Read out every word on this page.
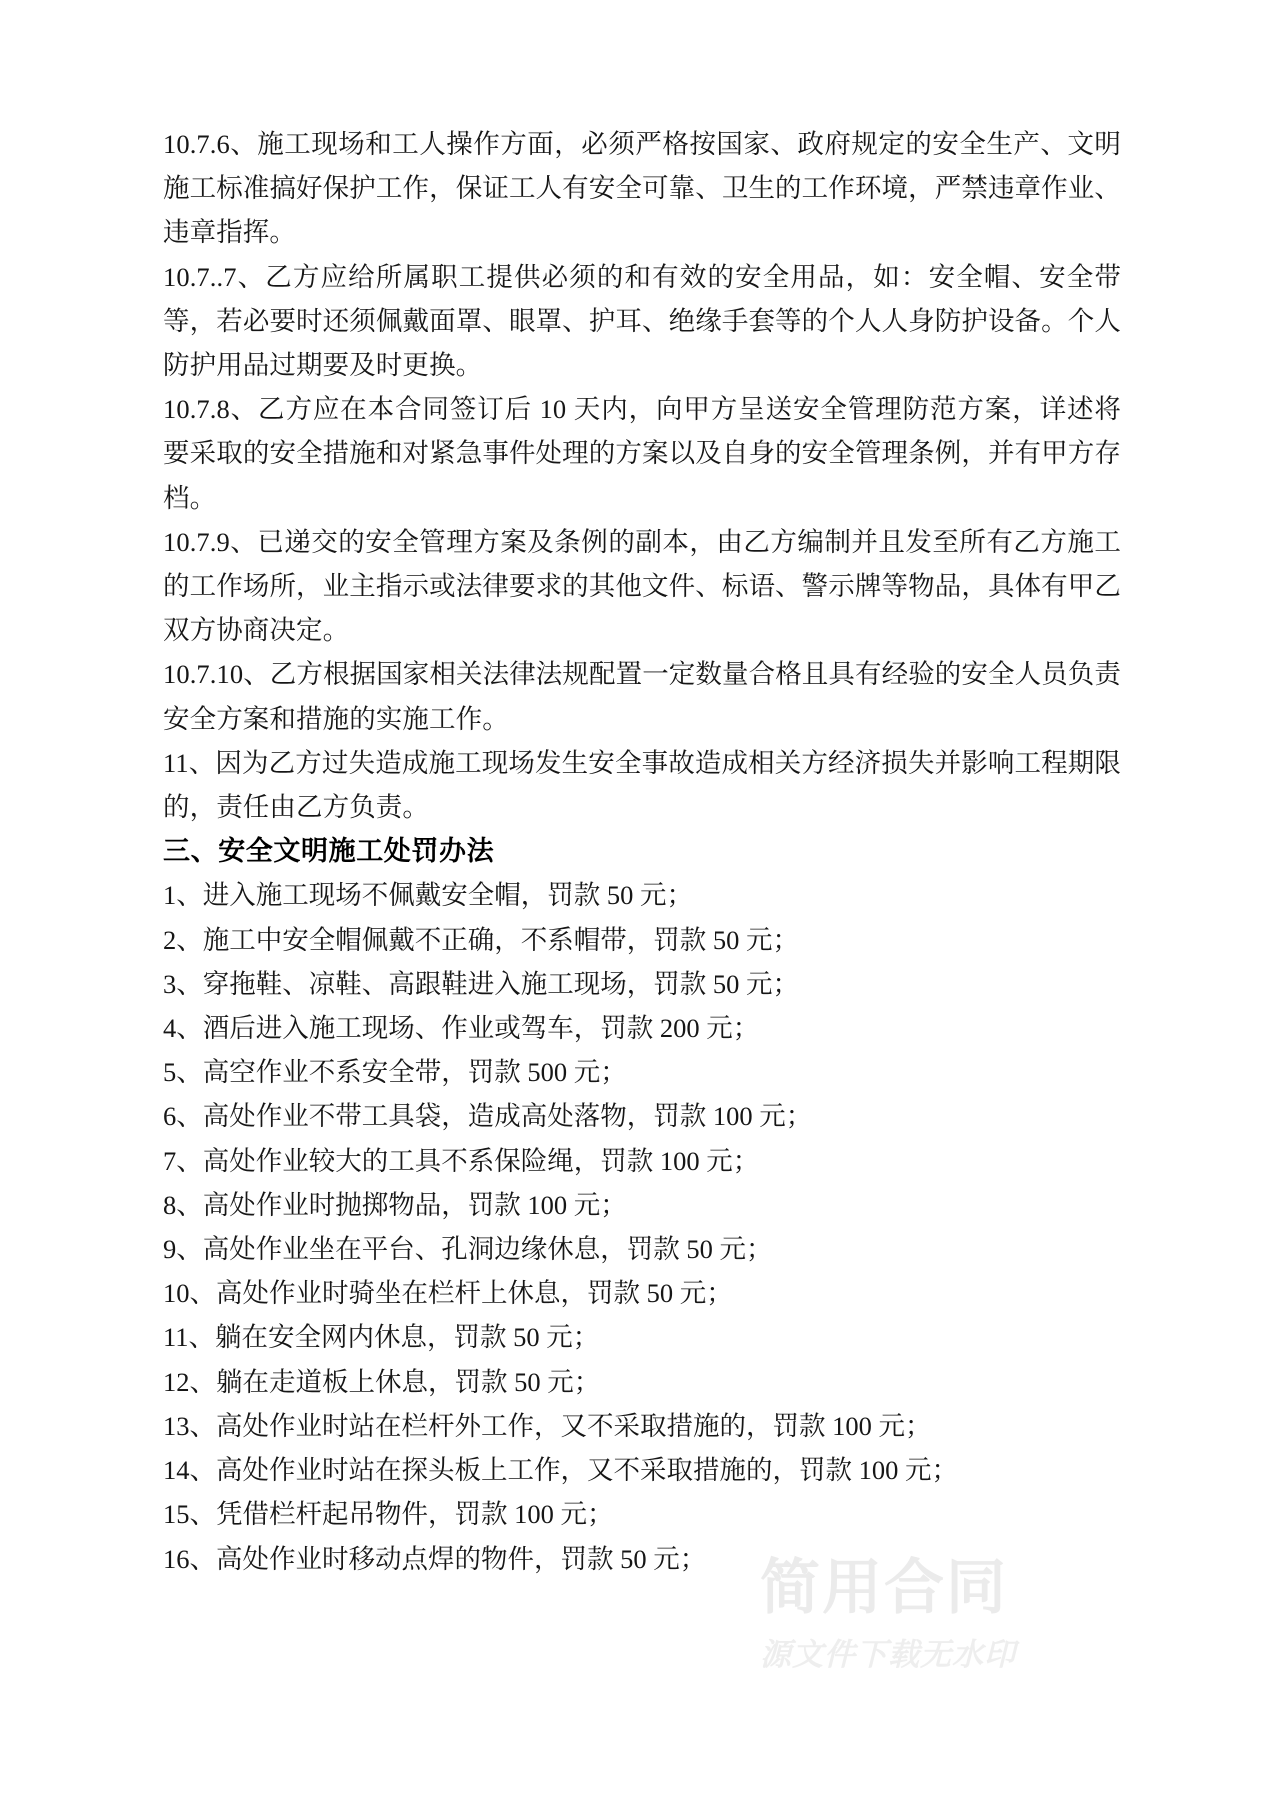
10.7.6、施工现场和工人操作方面，必须严格按国家、政府规定的安全生产、文明施工标准搞好保护工作，保证工人有安全可靠、卫生的工作环境，严禁违章作业、违章指挥。

10.7..7、乙方应给所属职工提供必须的和有效的安全用品，如：安全帽、安全带等，若必要时还须佩戴面罩、眼罩、护耳、绝缘手套等的个人人身防护设备。个人防护用品过期要及时更换。

10.7.8、乙方应在本合同签订后 10 天内，向甲方呈送安全管理防范方案，详述将要采取的安全措施和对紧急事件处理的方案以及自身的安全管理条例，并有甲方存档。

10.7.9、已递交的安全管理方案及条例的副本，由乙方编制并且发至所有乙方施工的工作场所，业主指示或法律要求的其他文件、标语、警示牌等物品，具体有甲乙双方协商决定。

10.7.10、乙方根据国家相关法律法规配置一定数量合格且具有经验的安全人员负责安全方案和措施的实施工作。

11、因为乙方过失造成施工现场发生安全事故造成相关方经济损失并影响工程期限的，责任由乙方负责。

三、安全文明施工处罚办法

1、进入施工现场不佩戴安全帽，罚款 50 元；

2、施工中安全帽佩戴不正确，不系帽带，罚款 50 元；

3、穿拖鞋、凉鞋、高跟鞋进入施工现场，罚款 50 元；

4、酒后进入施工现场、作业或驾车，罚款 200 元；

5、高空作业不系安全带，罚款 500 元；

6、高处作业不带工具袋，造成高处落物，罚款 100 元；

7、高处作业较大的工具不系保险绳，罚款 100 元；

8、高处作业时抛掷物品，罚款 100 元；

9、高处作业坐在平台、孔洞边缘休息，罚款 50 元；

10、高处作业时骑坐在栏杆上休息，罚款 50 元；

11、躺在安全网内休息，罚款 50 元；

12、躺在走道板上休息，罚款 50 元；

13、高处作业时站在栏杆外工作，又不采取措施的，罚款 100 元；

14、高处作业时站在探头板上工作，又不采取措施的，罚款 100 元；

15、凭借栏杆起吊物件，罚款 100 元；

16、高处作业时移动点焊的物件，罚款 50 元； 简用合同
源文件下载无水印
